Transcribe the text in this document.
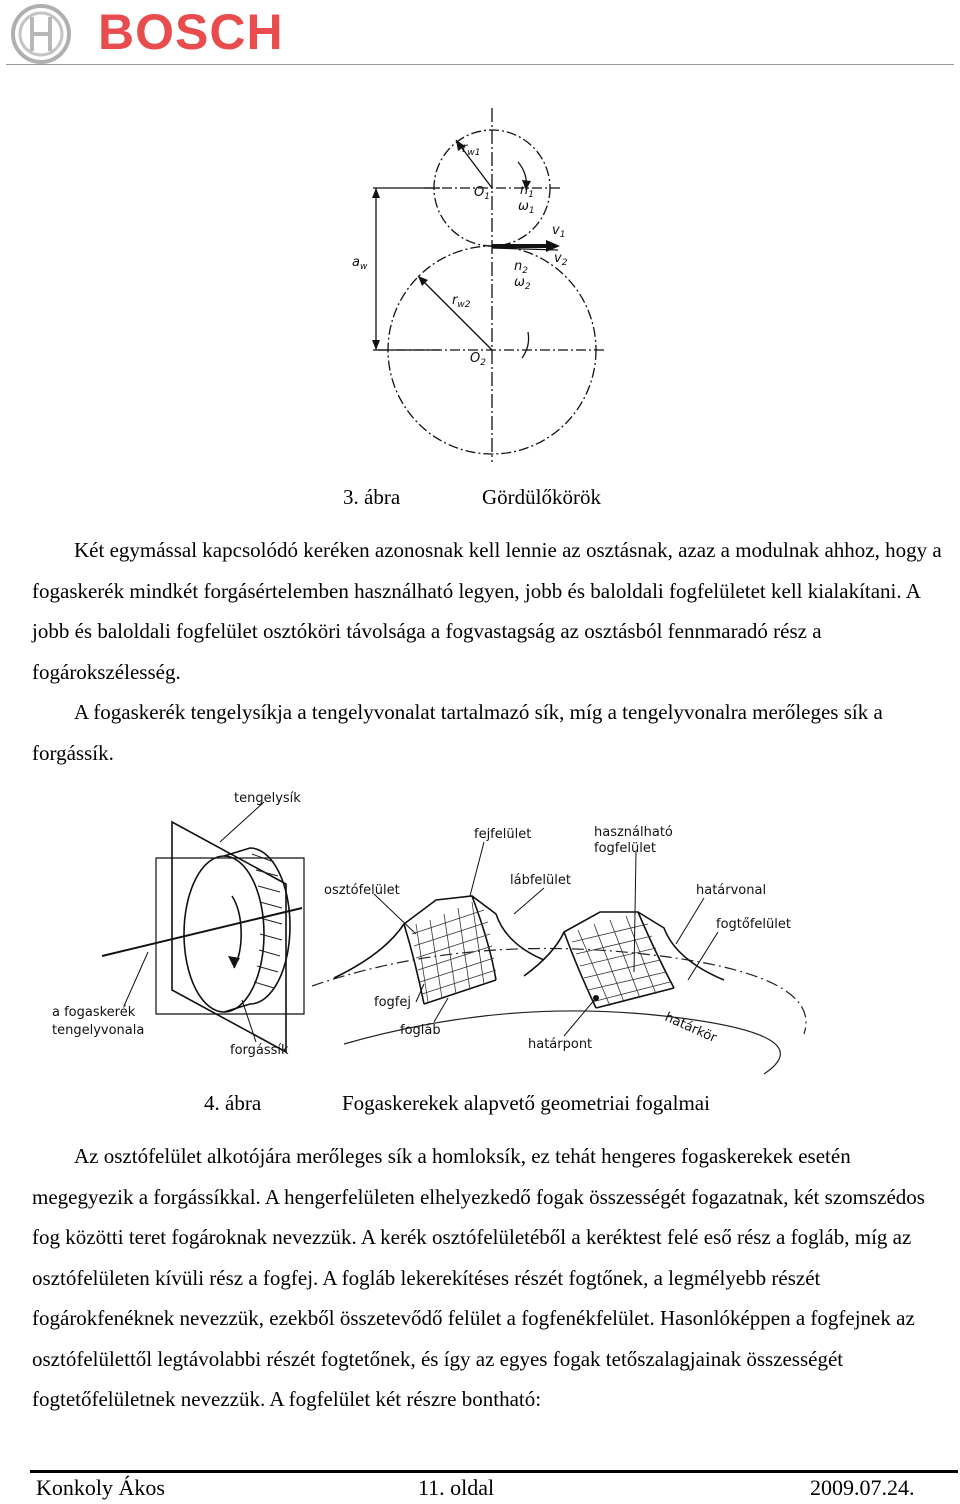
BOSCH
$r_{w1}$
$O_1$ $n_1$
$\omega_1$
$v_1$
$v_2$
$n_2$
$\omega_2$
$a_w$
$r_{w2}$
$O_2$
3. ábra	Gördülőkörök
Két egymással kapcsolódó keréken azonosnak kell lennie az osztásnak, azaz a modulnak ahhoz, hogy a fogaskerék mindkét forgásértelemben használható legyen, jobb és baloldali fogfelületet kell kialakítani. A jobb és baloldali fogfelület osztóköri távolsága a fogvastagság az osztásból fennmaradó rész a fogárokszélesség.
A fogaskerék tengelysíkja a tengelyvonalat tartalmazó sík, míg a tengelyvonalra merőleges sík a forgássík.
tengelysík
fejfelület	használható
fogfelület
lábfelület
osztófelület	határvonal
fogtőfelület
fogfej
fogláb
a fogaskerék
tengelyvonala
forgássík	határpont	határkör
4. ábra	Fogaskerekek alapvető geometriai fogalmai
Az osztófelület alkotójára merőleges sík a homloksík, ez tehát hengeres fogaskerekek esetén megegyezik a forgássíkkal. A hengerfelületen elhelyezkedő fogak összességét fogazatnak, két szomszédos fog közötti teret fogároknak nevezzük. A kerék osztófelületéből a keréktest felé eső rész a fogláb, míg az osztófelületen kívüli rész a fogfej. A fogláb lekerekítéses részét fogtőnek, a legmélyebb részét fogárokfenéknek nevezzük, ezekből összetevődő felület a fogfenékfelület. Hasonlóképpen a fogfejnek az osztófelülettől legtávolabbi részét fogtetőnek, és így az egyes fogak tetőszalagjainak összességét fogtetőfelületnek nevezzük. A fogfelület két részre bontható:
Konkoly Ákos	11. oldal	2009.07.24.
